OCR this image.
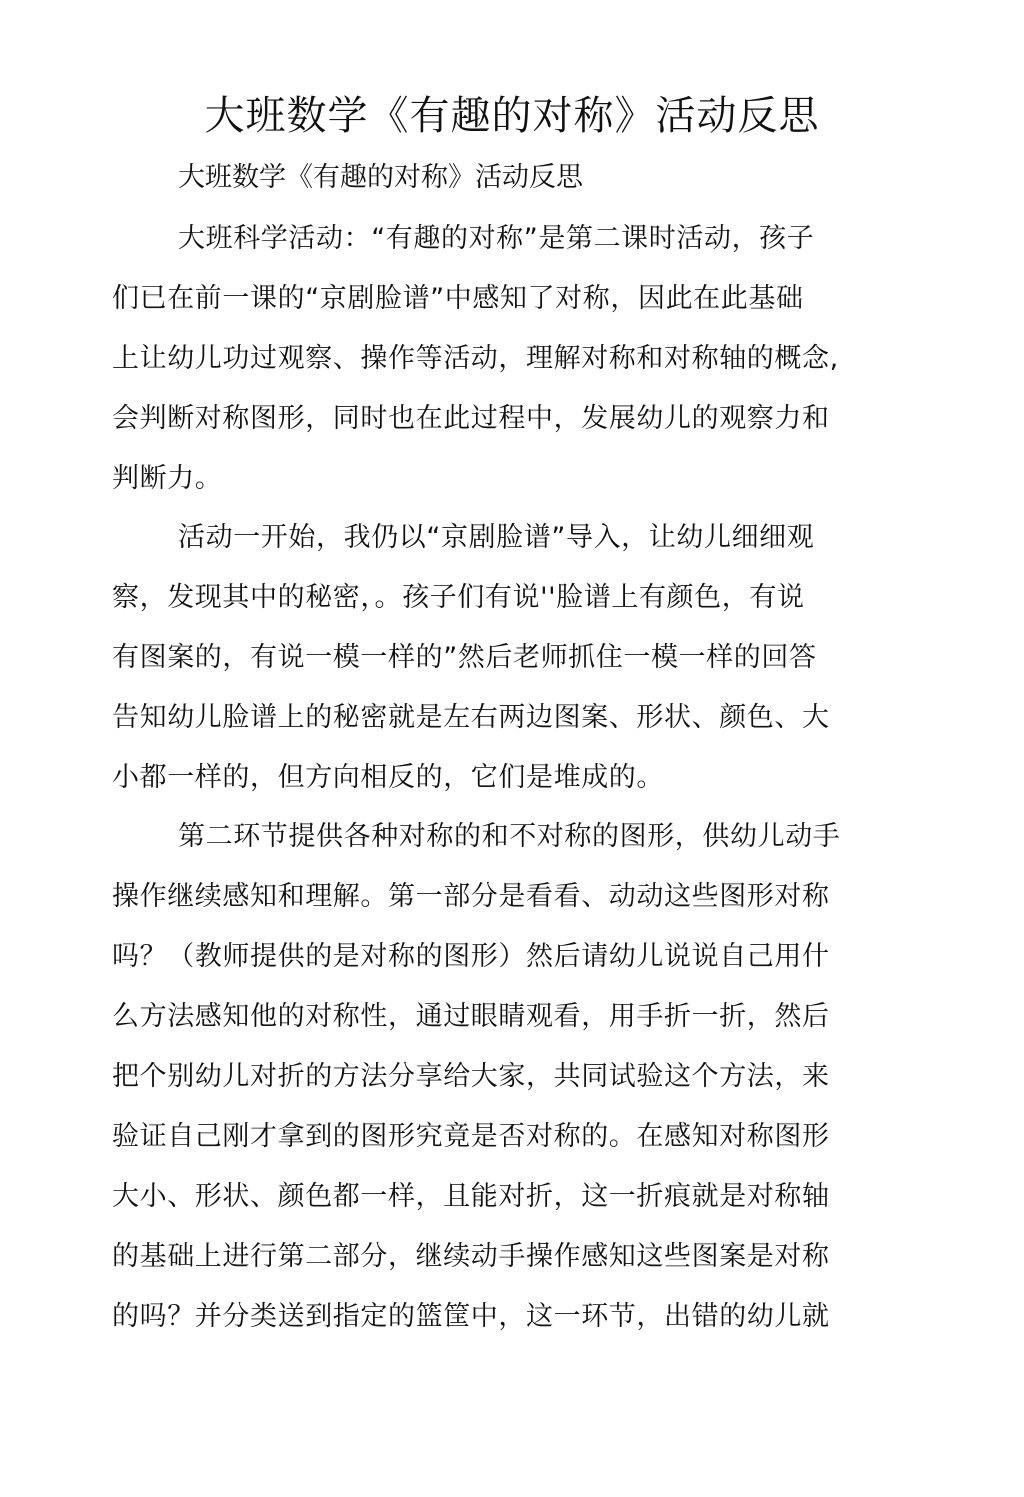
大班数学《有趣的对称》活动反思
大班数学《有趣的对称》活动反思
大班科学活动：“有趣的对称”是第二课时活动，孩子
们已在前一课的“京剧脸谱”中感知了对称，因此在此基础
上让幼儿功过观察、操作等活动，理解对称和对称轴的概念,
会判断对称图形，同时也在此过程中，发展幼儿的观察力和
判断力。
活动一开始，我仍以“京剧脸谱”导入，让幼儿细细观
察，发现其中的秘密，。孩子们有说''脸谱上有颜色，有说
有图案的，有说一模一样的”然后老师抓住一模一样的回答
告知幼儿脸谱上的秘密就是左右两边图案、形状、颜色、大
小都一样的，但方向相反的，它们是堆成的。
第二环节提供各种对称的和不对称的图形，供幼儿动手
操作继续感知和理解。第一部分是看看、动动这些图形对称
吗？（教师提供的是对称的图形）然后请幼儿说说自己用什
么方法感知他的对称性，通过眼睛观看，用手折一折，然后
把个别幼儿对折的方法分享给大家，共同试验这个方法，来
验证自己刚才拿到的图形究竟是否对称的。在感知对称图形
大小、形状、颜色都一样，且能对折，这一折痕就是对称轴
的基础上进行第二部分，继续动手操作感知这些图案是对称
的吗？并分类送到指定的篮筐中，这一环节，出错的幼儿就
